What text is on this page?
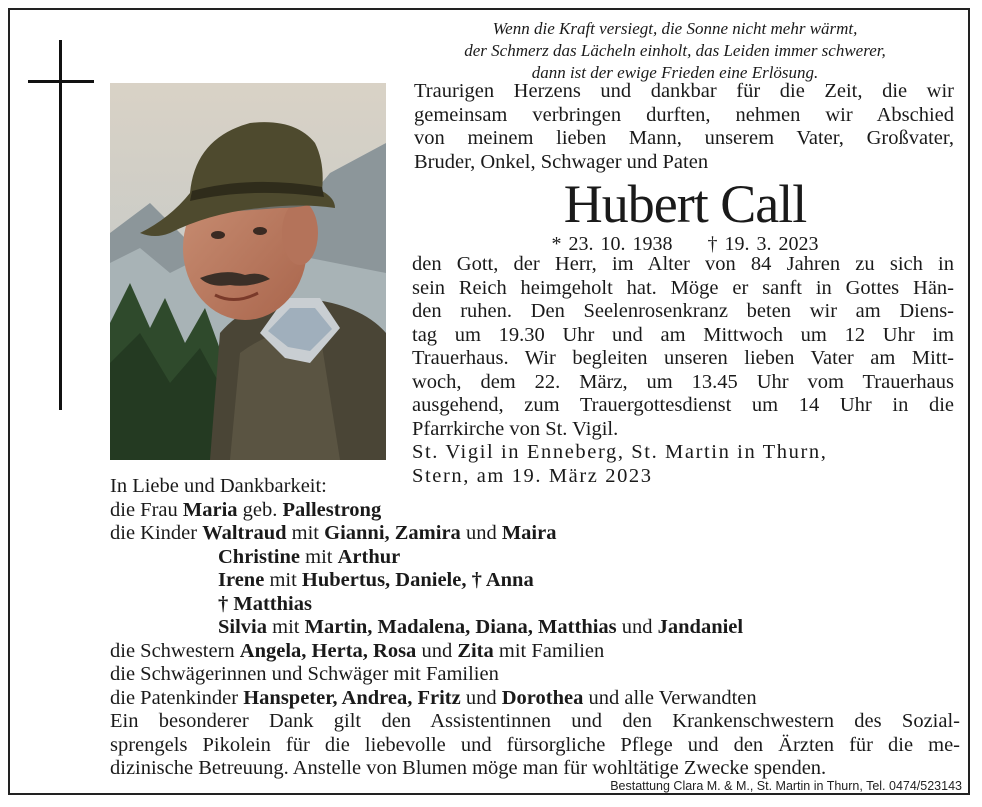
Wenn die Kraft versiegt, die Sonne nicht mehr wärmt,
der Schmerz das Lächeln einholt, das Leiden immer schwerer,
dann ist der ewige Frieden eine Erlösung.
Traurigen Herzens und dankbar für die Zeit, die wir
gemeinsam verbringen durften, nehmen wir Abschied
von meinem lieben Mann, unserem Vater, Großvater,
Bruder, Onkel, Schwager und Paten
Hubert Call
* 23. 10. 1938 † 19. 3. 2023
den Gott, der Herr, im Alter von 84 Jahren zu sich in
sein Reich heimgeholt hat. Möge er sanft in Gottes Hän-
den ruhen. Den Seelenrosenkranz beten wir am Diens-
tag um 19.30 Uhr und am Mittwoch um 12 Uhr im
Trauerhaus. Wir begleiten unseren lieben Vater am Mitt-
woch, dem 22. März, um 13.45 Uhr vom Trauerhaus
ausgehend, zum Trauergottesdienst um 14 Uhr in die
Pfarrkirche von St. Vigil.
St. Vigil in Enneberg, St. Martin in Thurn,
Stern, am 19. März 2023
In Liebe und Dankbarkeit:
die Frau Maria geb. Pallestrong
die Kinder Waltraud mit Gianni, Zamira und Maira
Christine mit Arthur
Irene mit Hubertus, Daniele, † Anna
† Matthias
Silvia mit Martin, Madalena, Diana, Matthias und Jandaniel
die Schwestern Angela, Herta, Rosa und Zita mit Familien
die Schwägerinnen und Schwäger mit Familien
die Patenkinder Hanspeter, Andrea, Fritz und Dorothea und alle Verwandten
Ein besonderer Dank gilt den Assistentinnen und den Krankenschwestern des Sozial-
sprengels Pikolein für die liebevolle und fürsorgliche Pflege und den Ärzten für die me-
dizinische Betreuung. Anstelle von Blumen möge man für wohltätige Zwecke spenden.
Bestattung Clara M. & M., St. Martin in Thurn, Tel. 0474/523143
